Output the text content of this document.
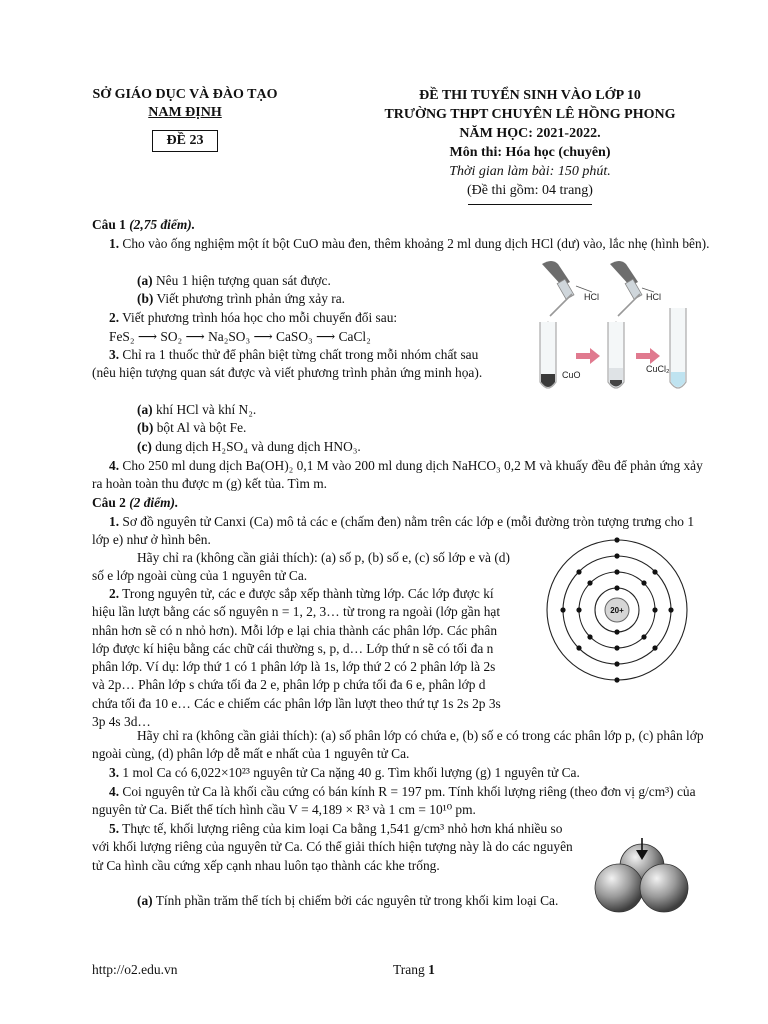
SỞ GIÁO DỤC VÀ ĐÀO TẠO
NAM ĐỊNH
ĐỀ 23
ĐỀ THI TUYỂN SINH VÀO LỚP 10
TRƯỜNG THPT CHUYÊN LÊ HỒNG PHONG
NĂM HỌC: 2021-2022.
Môn thi: Hóa học (chuyên)
Thời gian làm bài: 150 phút.
(Đề thi gồm: 04 trang)
Câu 1 (2,75 điểm).
1. Cho vào ống nghiệm một ít bột CuO màu đen, thêm khoảng 2 ml dung dịch HCl (dư) vào, lắc nhẹ (hình bên).
(a) Nêu 1 hiện tượng quan sát được.
(b) Viết phương trình phản ứng xảy ra.
2. Viết phương trình hóa học cho mỗi chuyển đổi sau:
FeS₂ ⟶ SO₂ ⟶ Na₂SO₃ ⟶ CaSO₃ ⟶ CaCl₂
3. Chỉ ra 1 thuốc thử để phân biệt từng chất trong mỗi nhóm chất sau (nêu hiện tượng quan sát được và viết phương trình phản ứng minh họa).
(a) khí HCl và khí N₂.
(b) bột Al và bột Fe.
(c) dung dịch H₂SO₄ và dung dịch HNO₃.
4. Cho 250 ml dung dịch Ba(OH)₂ 0,1 M vào 200 ml dung dịch NaHCO₃ 0,2 M và khuấy đều để phản ứng xảy ra hoàn toàn thu được m (g) kết tủa. Tìm m.
HCl	HCl
CuO
CuCl₂
Câu 2 (2 điểm).
1. Sơ đồ nguyên tử Canxi (Ca) mô tả các e (chấm đen) nằm trên các lớp e (mỗi đường tròn tượng trưng cho 1 lớp e) như ở hình bên.
Hãy chỉ ra (không cần giải thích): (a) số p, (b) số e, (c) số lớp e và (d) số e lớp ngoài cùng của 1 nguyên tử Ca.
2. Trong nguyên tử, các e được sắp xếp thành từng lớp. Các lớp được kí hiệu lần lượt bằng các số nguyên n = 1, 2, 3… từ trong ra ngoài (lớp gần hạt nhân hơn sẽ có n nhỏ hơn). Mỗi lớp e lại chia thành các phân lớp. Các phân lớp được kí hiệu bằng các chữ cái thường s, p, d… Lớp thứ n sẽ có tối đa n phân lớp. Ví dụ: lớp thứ 1 có 1 phân lớp là 1s, lớp thứ 2 có 2 phân lớp là 2s và 2p… Phân lớp s chứa tối đa 2 e, phân lớp p chứa tối đa 6 e, phân lớp d chứa tối đa 10 e… Các e chiếm các phân lớp lần lượt theo thứ tự 1s 2s 2p 3s 3p 4s 3d…
Hãy chỉ ra (không cần giải thích): (a) số phân lớp có chứa e, (b) số e có trong các phân lớp p, (c) phân lớp ngoài cùng, (d) phân lớp dễ mất e nhất của 1 nguyên tử Ca.
3. 1 mol Ca có 6,022×10²³ nguyên tử Ca nặng 40 g. Tìm khối lượng (g) 1 nguyên tử Ca.
4. Coi nguyên tử Ca là khối cầu cứng có bán kính R = 197 pm. Tính khối lượng riêng (theo đơn vị g/cm³) của nguyên tử Ca. Biết thể tích hình cầu V = 4,189 × R³ và 1 cm = 10¹⁰ pm.
5. Thực tế, khối lượng riêng của kim loại Ca bằng 1,541 g/cm³ nhỏ hơn khá nhiều so với khối lượng riêng của nguyên tử Ca. Có thể giải thích hiện tượng này là do các nguyên tử Ca hình cầu cứng xếp cạnh nhau luôn tạo thành các khe trống.
(a) Tính phần trăm thể tích bị chiếm bởi các nguyên tử trong khối kim loại Ca.
20+
http://o2.edu.vn	Trang 1
